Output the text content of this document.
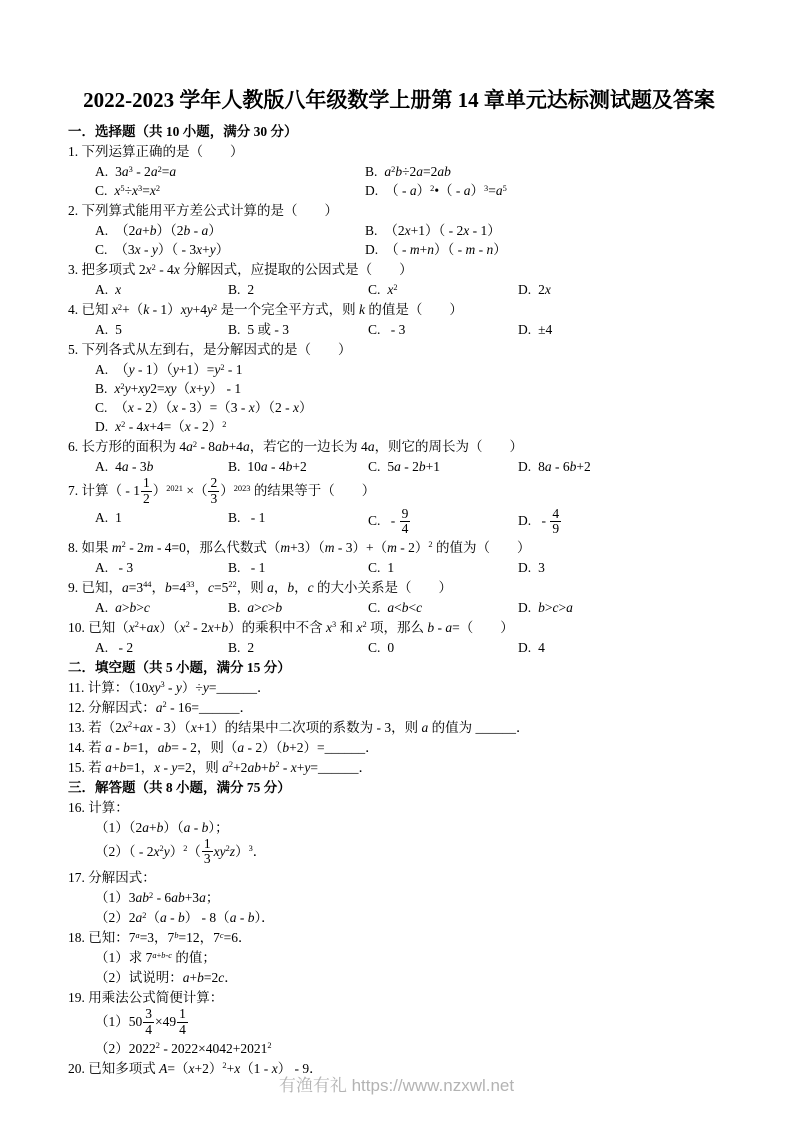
2022-2023 学年人教版八年级数学上册第 14 章单元达标测试题及答案
一．选择题（共 10 小题，满分 30 分）
1. 下列运算正确的是（　　）
A. $3a^3 - 2a^2=a$	B. $a^2b\div 2a=2ab$
C. $x^5\div x^3=x^2$	D. （ - a）$^2$•（ - $a)^3=a^5$
2. 下列算式能用平方差公式计算的是（　　）
A. （2a+b）（2b - a）	B. （2x+1）（ - 2x - 1）
C. （3x - y）（ - 3x+y）	D. （ - m+n）（ - m - n）
3. 把多项式 $2x^2 - 4x$ 分解因式，应提取的公因式是（　　）
A. x	B. 2	C. $x^2$	D. 2x
4. 已知 $x^2+(k - 1)xy+4y^2$ 是一个完全平方式，则 k 的值是（　　）
A. 5	B. 5 或 - 3	C. - 3	D. ±4
5. 下列各式从左到右，是分解因式的是（　　）
A. $(y - 1)(y+1)=y^2 - 1$
B. $x^2y+xy2=xy(x+y) - 1$
C. （x - 2）（x - 3）=（3 - x）（2 - x）
D. $x^2 - 4x+4=(x - 2)^2$
6. 长方形的面积为 $4a^2 - 8ab+4a$，若它的一边长为 4a，则它的周长为（　　）
A. 4a - 3b	B. 10a - 4b+2	C. 5a - 2b+1	D. 8a - 6b+2
7. 计算（ - $1 \frac{1}{2} )^{2021}$ ×（ $\frac{2}{3} )^{2023}$ 的结果等于（　　）
A. 1	B. - 1	C. - $\frac{9}{4}$	D. - $\frac{4}{9}$
8. 如果 $m^2 - 2m - 4=0$，那么代数式（m+3）（m - 3）+（m - 2）$^2$ 的值为（　　）
A. - 3	B. - 1	C. 1	D. 3
9. 已知，$a=3^{44}$，$b=4^{33}$，$c=5^{22}$，则 a，b，c 的大小关系是（　　）
A. a>b>c	B. a>c>b	C. a<b<c	D. b>c>a
10. 已知$(x^2+ax)(x^2 - 2x+b)$的乘积中不含 $x^3$ 和 $x^2$ 项，那么 b - a=（　　）
A. - 2	B. 2	C. 0	D. 4
二．填空题（共 5 小题，满分 15 分）
11. 计算：（$10xy^3$ - y）÷y=______．
12. 分解因式：$a^2$ - 16=______．
13. 若$(2x^2+ax - 3)(x+1)$的结果中二次项的系数为 - 3，则 a 的值为 ______．
14. 若 a - b=1，ab= - 2，则（a - 2）（b+2）=______．
15. 若 a+b=1，x - y=2，则 $a^2+2ab+b^2$ - x+y=______．
三．解答题（共 8 小题，满分 75 分）
16. 计算：
（1）（2a+b）（a - b）；
$(2)( - 2x^2y)^2( \frac{1}{3} xy^2z)^3$．
17. 分解因式：
$(1)3ab^2 - 6ab+3a$；
$(2)2a^2(a - b) - 8(a - b)$．
18. 已知：$7^a=3$，$7^b=12$，$7^c=6$．
（1）求 $7^{a+b-c}$ 的值；
（2）试说明：a+b=2c．
19. 用乘法公式简便计算：
$(1)50 \frac{3}{4} \times 49 \frac{1}{4}$
$(2)2022^2 - 2022\times 4042+2021^2$
20. 已知多项式 $A=(x+2)^2+x(1 - x) - 9$．
有渔有礼 https://www.nzxwl.net
